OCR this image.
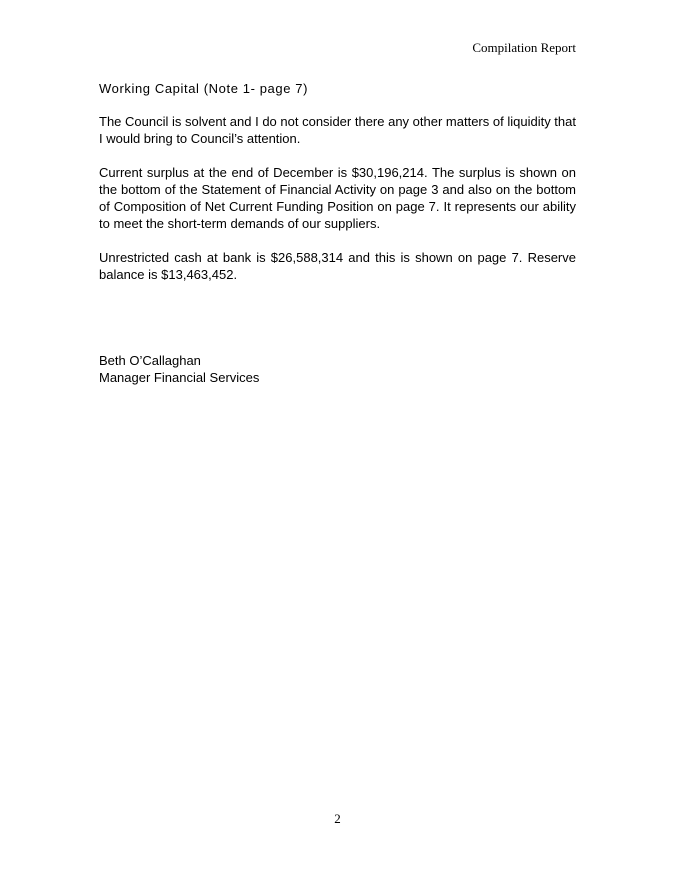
Compilation Report
Working Capital (Note 1- page 7)

The Council is solvent and I do not consider there any other matters of liquidity that I would bring to Council’s attention.

Current surplus at the end of December is $30,196,214. The surplus is shown on the bottom of the Statement of Financial Activity on page 3 and also on the bottom of Composition of Net Current Funding Position on page 7. It represents our ability to meet the short-term demands of our suppliers.

Unrestricted cash at bank is $26,588,314 and this is shown on page 7. Reserve balance is $13,463,452.

Beth O’Callaghan
Manager Financial Services
2
